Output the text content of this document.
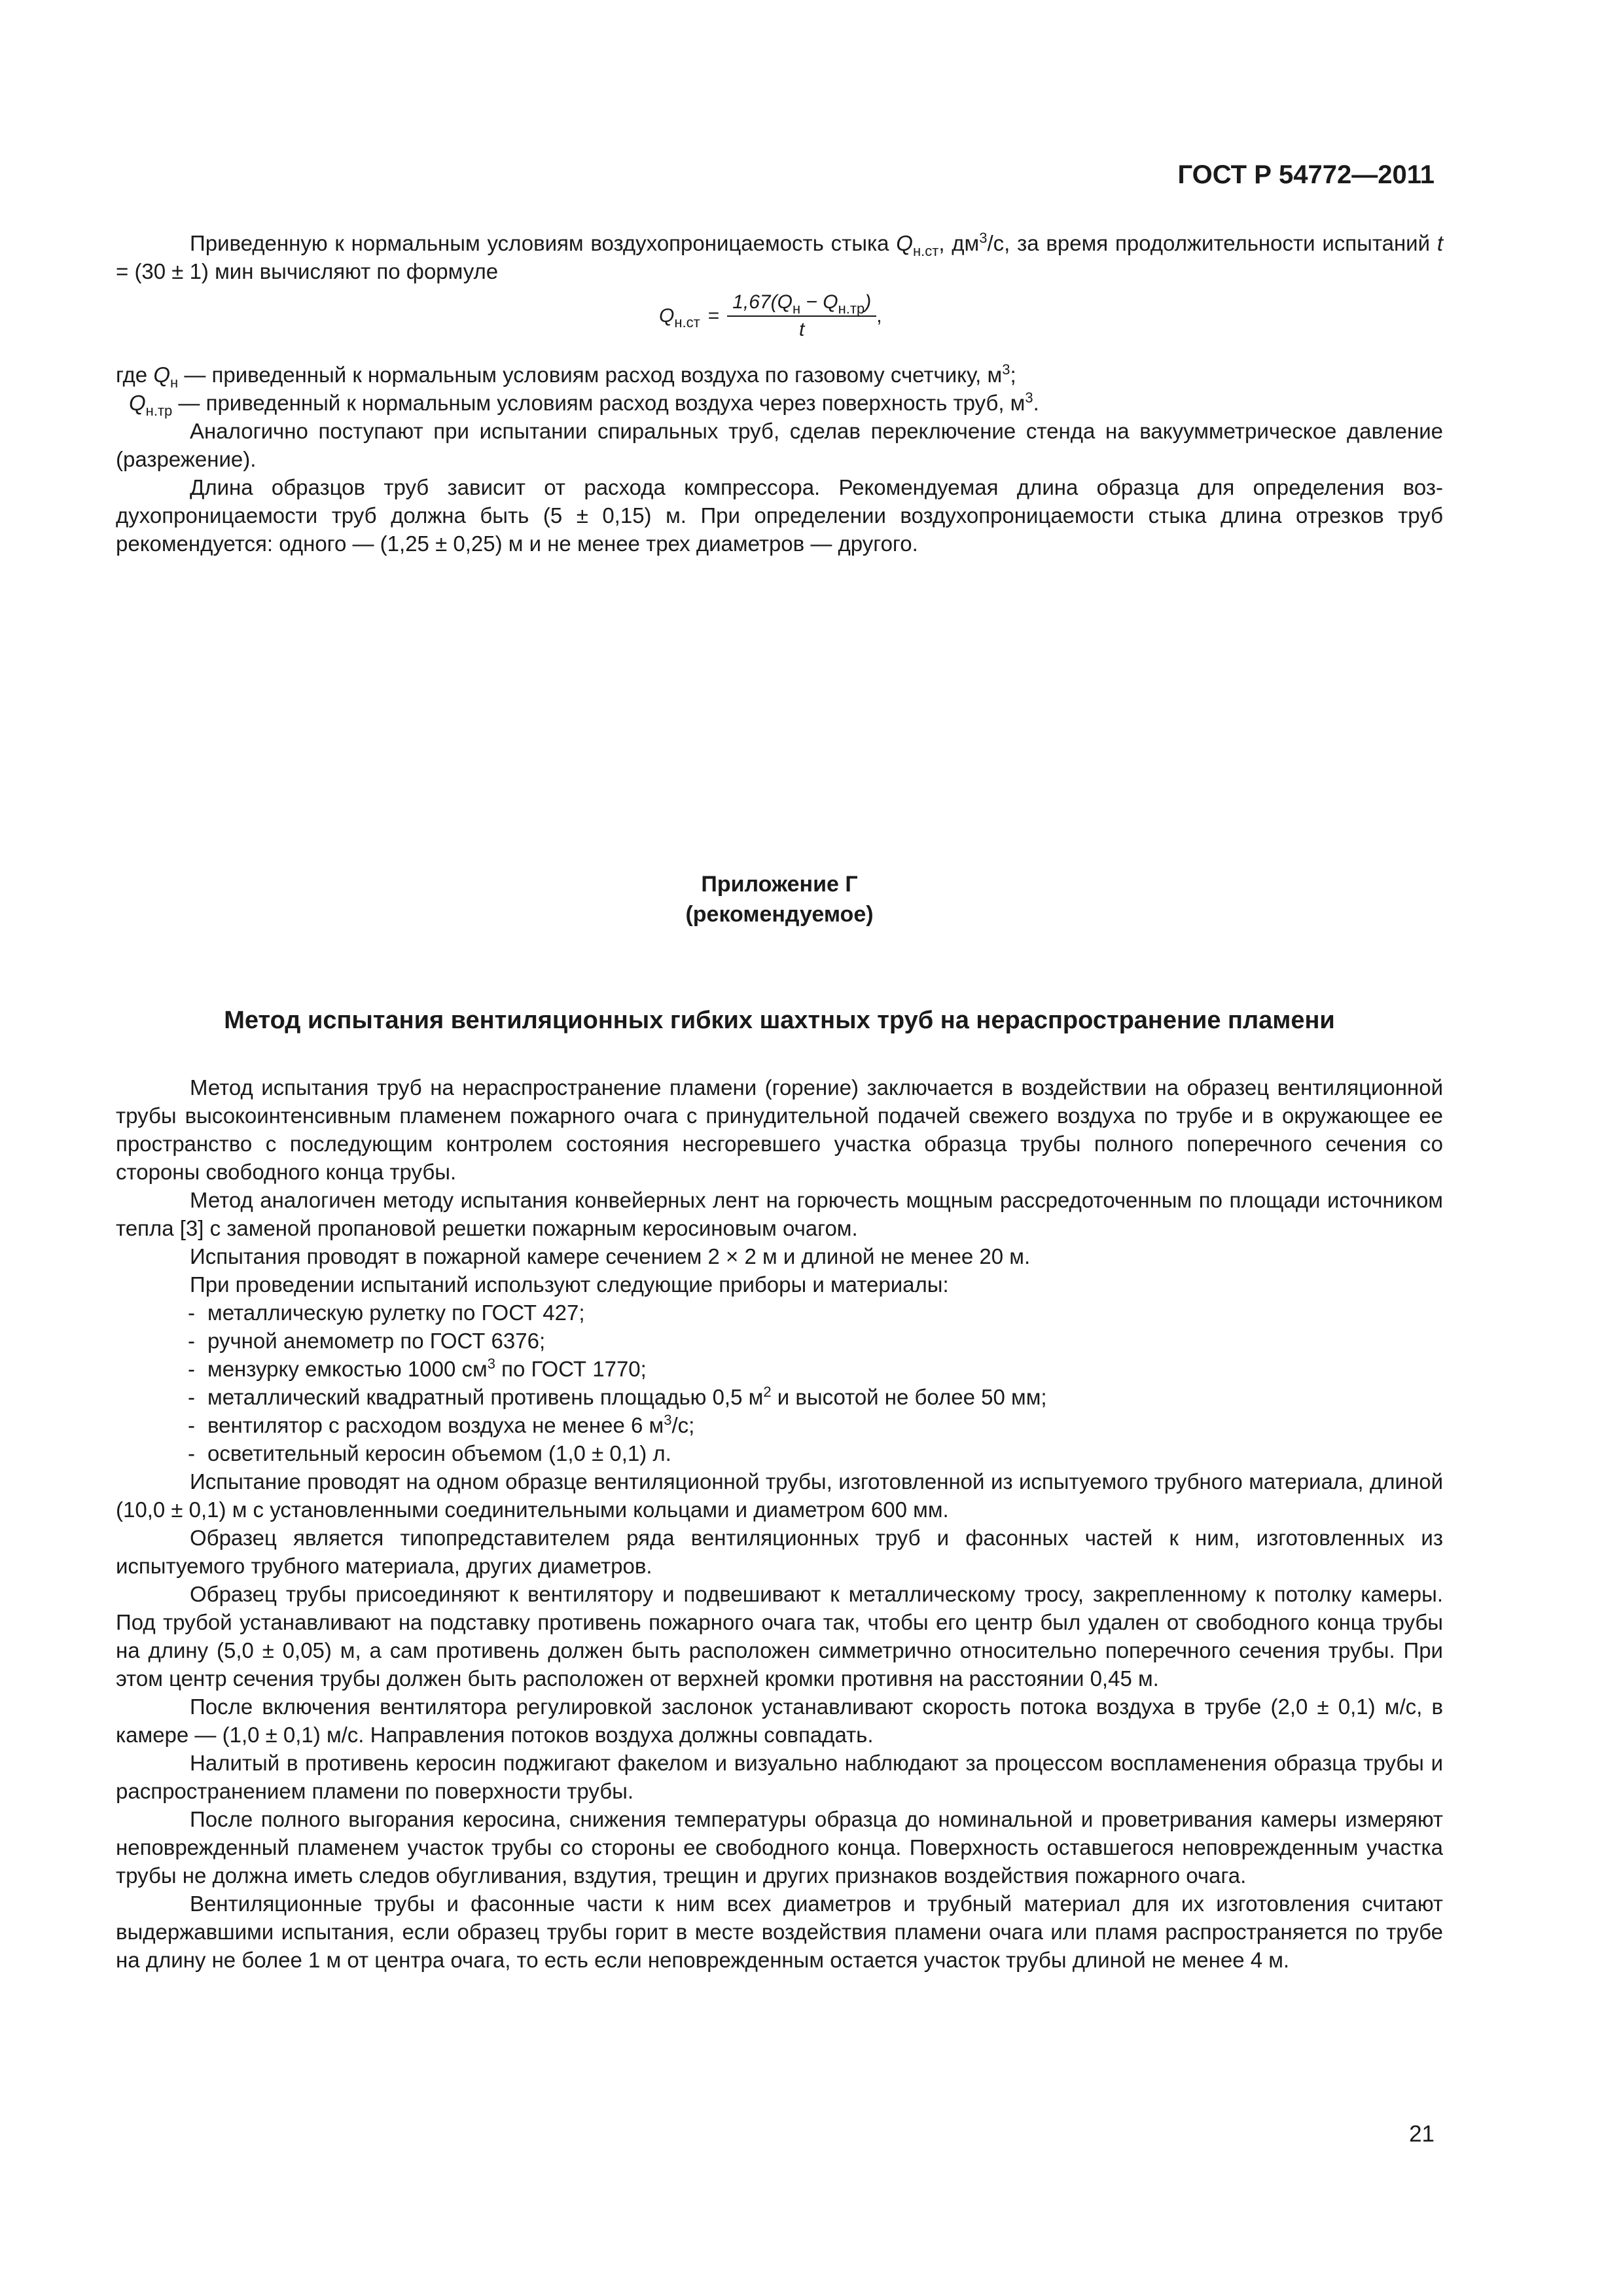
ГОСТ Р 54772—2011

Приведенную к нормальным условиям воздухопроницаемость стыка $Q_{н.ст}$, $дм^3/с$, за время продолжительности испытаний t = (30 ± 1) мин вычисляют по формуле

$Q_{н.ст} = \frac{1,67(Q_н - Q_{н.тр})}{t}$ ,

где $Q_н$ — приведенный к нормальным условиям расход воздуха по газовому счетчику, $м^3$;

$Q_{н.тр}$ — приведенный к нормальным условиям расход воздуха через поверхность труб, $м^3$.

Аналогично поступают при испытании спиральных труб, сделав переключение стенда на вакуумметрическое давление (разрежение).

Длина образцов труб зависит от расхода компрессора. Рекомендуемая длина образца для определения воздухопроницаемости труб должна быть (5 ± 0,15) м. При определении воздухопроницаемости стыка длина отрезков труб рекомендуется: одного — (1,25 ± 0,25) м и не менее трех диаметров — другого.

Приложение Г
(рекомендуемое)
Метод испытания вентиляционных гибких шахтных труб на нераспространение пламени

Метод испытания труб на нераспространение пламени (горение) заключается в воздействии на образец вентиляционной трубы высокоинтенсивным пламенем пожарного очага с принудительной подачей свежего воздуха по трубе и в окружающее ее пространство с последующим контролем состояния несгоревшего участка образца трубы полного поперечного сечения со стороны свободного конца трубы.

Метод аналогичен методу испытания конвейерных лент на горючесть мощным рассредоточенным по площади источником тепла [3] с заменой пропановой решетки пожарным керосиновым очагом.

Испытания проводят в пожарной камере сечением 2 × 2 м и длиной не менее 20 м.

При проведении испытаний используют следующие приборы и материалы:

- металлическую рулетку по ГОСТ 427;
- ручной анемометр по ГОСТ 6376;
- мензурку емкостью 1000 $см^3$ по ГОСТ 1770;
- металлический квадратный противень площадью 0,5 $м^2$ и высотой не более 50 мм;
- вентилятор с расходом воздуха не менее 6 $м^3/с$;
- осветительный керосин объемом (1,0 ± 0,1) л.

Испытание проводят на одном образце вентиляционной трубы, изготовленной из испытуемого трубного материала, длиной (10,0 ± 0,1) м с установленными соединительными кольцами и диаметром 600 мм.

Образец является типопредставителем ряда вентиляционных труб и фасонных частей к ним, изготовленных из испытуемого трубного материала, других диаметров.

Образец трубы присоединяют к вентилятору и подвешивают к металлическому тросу, закрепленному к потолку камеры. Под трубой устанавливают на подставку противень пожарного очага так, чтобы его центр был удален от свободного конца трубы на длину (5,0 ± 0,05) м, а сам противень должен быть расположен симметрично относительно поперечного сечения трубы. При этом центр сечения трубы должен быть расположен от верхней кромки противня на расстоянии 0,45 м.

После включения вентилятора регулировкой заслонок устанавливают скорость потока воздуха в трубе (2,0 ± 0,1) м/с, в камере — (1,0 ± 0,1) м/с. Направления потоков воздуха должны совпадать.

Налитый в противень керосин поджигают факелом и визуально наблюдают за процессом воспламенения образца трубы и распространением пламени по поверхности трубы.

После полного выгорания керосина, снижения температуры образца до номинальной и проветривания камеры измеряют неповрежденный пламенем участок трубы со стороны ее свободного конца. Поверхность оставшегося неповрежденным участка трубы не должна иметь следов обугливания, вздутия, трещин и других признаков воздействия пожарного очага.

Вентиляционные трубы и фасонные части к ним всех диаметров и трубный материал для их изготовления считают выдержавшими испытания, если образец трубы горит в месте воздействия пламени очага или пламя распространяется по трубе на длину не более 1 м от центра очага, то есть если неповрежденным остается участок трубы длиной не менее 4 м.

21
